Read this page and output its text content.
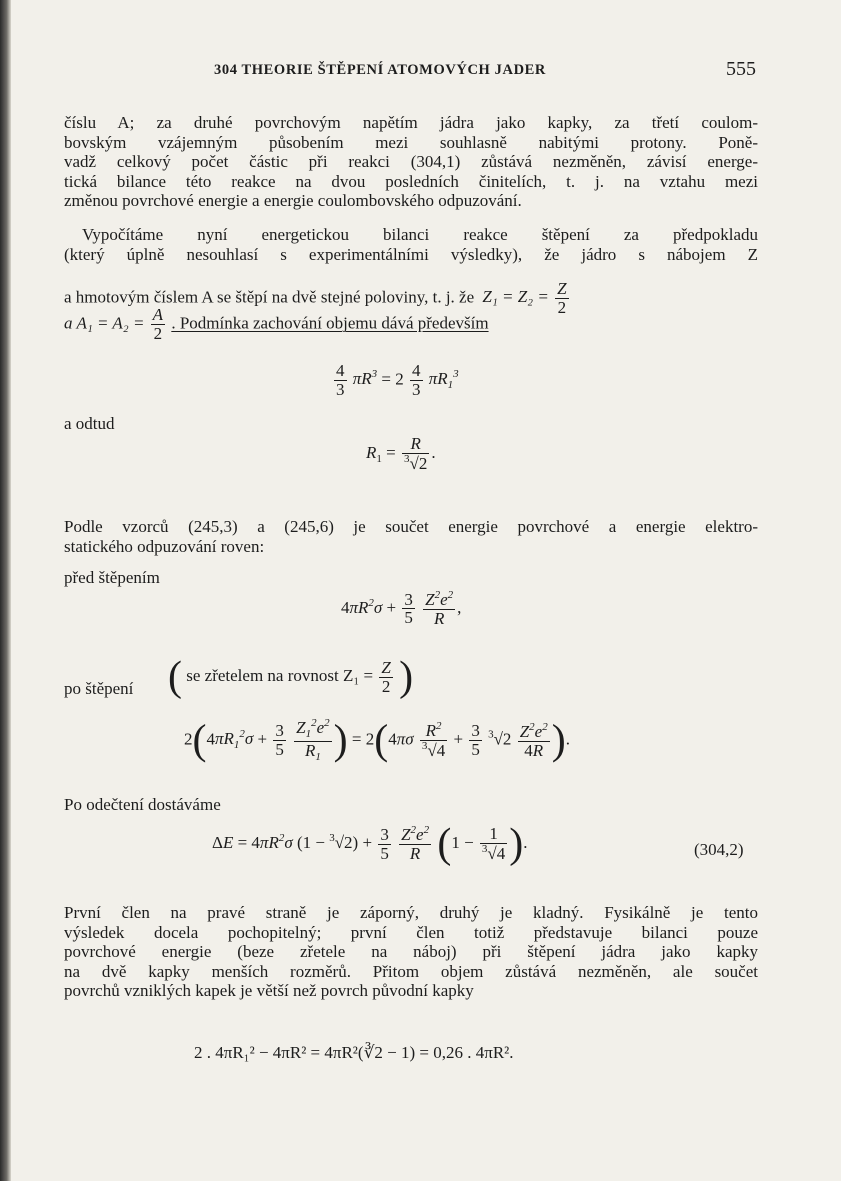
304 THEORIE ŠTĚPENÍ ATOMOVÝCH JADER	555
číslu A; za druhé povrchovým napětím jádra jako kapky, za třetí coulom-
bovským vzájemným působením mezi souhlasně nabitými protony. Poně-
vadž celkový počet částic při reakci (304,1) zůstává nezměněn, závisí energe-
tická bilance této reakce na dvou posledních činitelích, t. j. na vztahu mezi
změnou povrchové energie a energie coulombovského odpuzování.
Vypočítáme nyní energetickou bilanci reakce štěpení za předpokladu
(který úplně nesouhlasí s experimentálními výsledky), že jádro s nábojem Z
a hmotovým číslem A se štěpí na dvě stejné poloviny, t. j. že $Z_1 = Z_2 = \frac{Z}{2}$
a $A_1 = A_2 = \frac{A}{2}$ . Podmínka zachování objemu dává především
$\frac{4}{3} \pi R^3 = 2 \frac{4}{3} \pi R_1^3$
a odtud
$R_1 = \frac{R}{^3√2}$ .
Podle vzorců (245,3) a (245,6) je součet energie povrchové a energie elektro-
statického odpuzování roven:
před štěpením
$4\pi R^2\sigma + \frac{3}{5}$
$\frac{Z^2e^2}{R}$ ,
po štěpení ( se zřetelem na rovnost $Z_1 = \frac{Z}{2}$ )
$2(4\pi R_1^2\sigma + \frac{3}{5}$
$\frac{Z_1^2e^2}{R_1}$ ) = $2(4\pi\sigma \frac{R^2}{^3√4} + \frac{3}{5} ^3√2 \frac{Z^2e^2}{4R}$ ).
Po odečtení dostáváme
$\Delta E = 4\pi R^2\sigma$ $(1 - ^3√2) + \frac{3}{5}$
$\frac{Z^2e^2}{R} (1 - \frac{1}{^3√4}$ ).	(304,2)
První člen na pravé straně je záporný, druhý je kladný. Fysikálně je tento
výsledek docela pochopitelný; první člen totiž představuje bilanci pouze
povrchové energie (beze zřetele na náboj) při štěpení jádra jako kapky
na dvě kapky menších rozměrů. Přitom objem zůstává nezměněn, ale součet
povrchů vzniklých kapek je větší než povrch původní kapky
2 . 4πR₁² − 4πR² = 4πR²(∛2 − 1) = 0,26 . 4πR².
